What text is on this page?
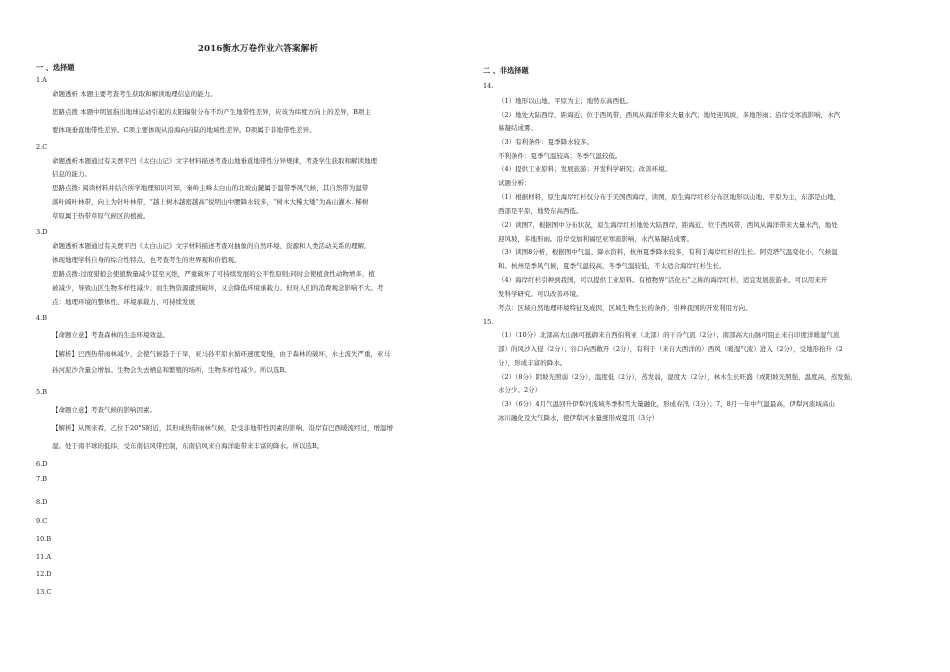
2016衡水万卷作业六答案解析
一 、选择题
1.A
命题透析 本题主要考查考生获取和解读地理信息的能力。
思路点拨 本题中明显指出地球运动引起的太阳辐射分布不均产生地带性差异，应该为纬度方向上的差异，B项主
要体现垂直地带性差异。C项主要体现从沿海向内陆的地域性差异。D项属于非地带性差异。
2.C
命题透析本题通过有关贾平凹《太白山记》文字材料描述考查山地垂直地带性分异规律，考查学生获取和解读地理
信息的能力。
思路点拨: 阅读材料并结合所学地理知识可知，秦岭主峰太白山的北坡山麓属于温带季风气候，其自然带为温带
落叶阔叶林带，向上为针叶林带，“越上树木越密越高”说明山中腰降水较多，“树木大稀大矮”为高山灌木. 稀树
草原属于热带草原气候区的植被。
3.D
命题透析本题通过有关贾平凹《太白山记》文字材料描述考查对抽象的自然环境、资源和人类活动关系的理解,
体现地理学科自身的综合性特点，也考查考生的世界观和价值观。
思路点拨:过度猎狼会使狼数量减少甚至灭绝，严重破坏了可持续发展的公平性原则;同时会使植食性动物增多，植
被减少，导致山区生物多样性减少；而生物资源遭到破坏，又会降低环境承载力。但对人们的消费观念影响不大。考
点：地理环境的整体性、环境承载力、可持续发展
4.B
【命题立意】考查森林的生态环境效益。
【解析】巴西热带雨林减少，会使气候趋于干旱，亚马孙平原水循环速度变慢，由于森林的破坏，水土流失严重，亚马
孙河泥沙含量会增加。生物会失去栖息和繁殖的场所，生物多样性减少。所以选B。
5.B
【命题立意】考查气候的影响因素。
【解析】从图来看，乙位于20°S附近，其形成热带雨林气候，是受非地带性因素的影响，沿岸有巴西暖流经过，增温增
湿。处于南半球的低纬，受东南信风带控制，东南信风来自海洋能带来丰富的降水。所以选B。
6.D
7.B
8.D
9.C
10.B
11.A
12.D
13.C
二 、非选择题
14.
（1）地形以山地、平原为主；地势东高西低。
（2）地处大陆西岸，距海近；位于西风带，西风从海洋带来大量水汽；地处迎风坡，多地形雨；沿岸受寒流影响，水汽
易凝结成雾。
（3）有利条件：夏季降水较多。
不利条件：夏季气温较高；冬季气温较低。
（4）提供工业原料；发展旅游；开发科学研究；改善环境。
试题分析：
（1）根据材料，原生海岸红杉仅分布于美国西海岸，读图，原生海岸红杉分布区地形以山地、平原为主，东部是山地，
西部是平原，地势东高西低。
（2）读图7，根据图中分布状况，原生海岸红杉地处大陆西岸，距海近，位于西风带，西风从海洋带来大量水汽，地处
迎风坡，多地形雨。沿岸受加利福尼亚寒流影响，水汽易凝结成雾。
（3）读图8分析，根据图中气温、降水资料，杭州夏季降水较多，有利于海岸红杉的生长。阿克塔气温变化小，气候温
和。杭州是季风气候，夏季气温较高，冬季气温较低，不太适合海岸红杉生长。
（4）海岸红杉引种到我国，可以提供工业原料。有植物界“活化石”之称的海岸红杉，适宜发展旅游业。可以用来开
发科学研究。可以改善环境。
考点：区域自然地理环境特征及成因，区域生物生长的条件，引种我国的开发利用方向。
15.
（1）（10分）北部高大山脉可抵御来自西伯利亚（北部）的干冷气流（2分）；南部高大山脉可阻止来自印度洋暖湿气流
部）的风沙入侵（2分）；谷口向西敞开（2分），有利于（来自大西洋的）西风（暖湿气流）进入（2分），受地形抬升（2
分），形成丰富的降水。
（2）（8分）阴坡光照弱（2分），温度低（2分），蒸发弱，湿度大（2分），林木生长旺盛（或阳坡光照强，温度高，蒸发强，
水分少。2分）
（3）（6分）4月气温回升伊犁河流域冬季积雪大量融化，形成春汛（3分）；7、8月一年中气温最高，伊犁河流域高山
冰川融化及大气降水，使伊犁河水量涨形成夏汛（3分）
